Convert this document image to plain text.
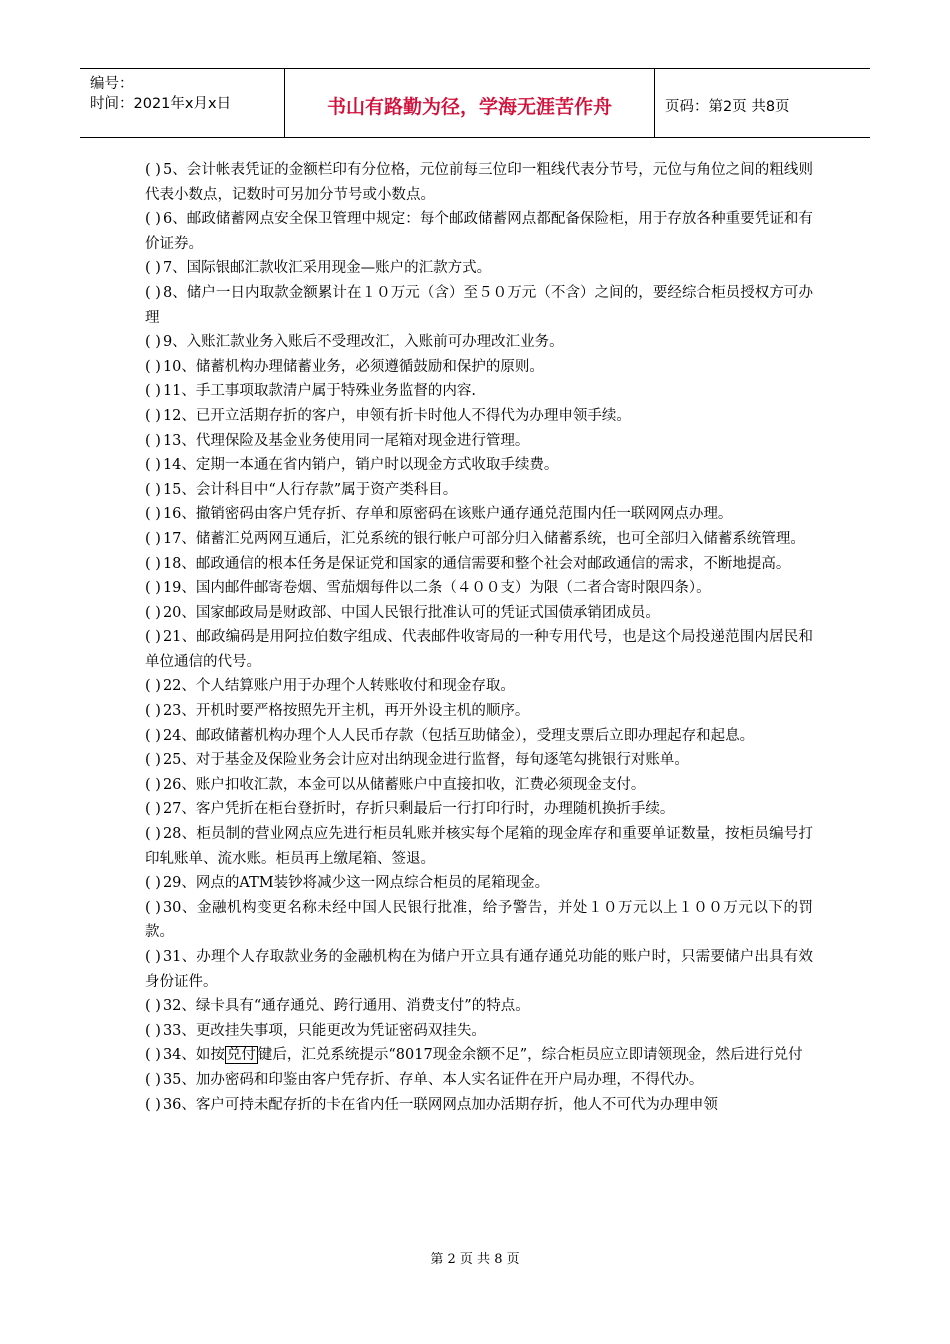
编号：
时间：2021年x月x日	书山有路勤为径，学海无涯苦作舟	页码：第2页 共8页
( ) 5、会计帐表凭证的金额栏印有分位格，元位前每三位印一粗线代表分节号，元位与角位之间的粗线则代表小数点，记数时可另加分节号或小数点。
( ) 6、邮政储蓄网点安全保卫管理中规定：每个邮政储蓄网点都配备保险柜，用于存放各种重要凭证和有价证券。
( ) 7、国际银邮汇款收汇采用现金—账户的汇款方式。
( ) 8、储户一日内取款金额累计在１０万元（含）至５０万元（不含）之间的，要经综合柜员授权方可办理
( ) 9、入账汇款业务入账后不受理改汇，入账前可办理改汇业务。
( ) 10、储蓄机构办理储蓄业务，必须遵循鼓励和保护的原则。
( ) 11、手工事项取款清户属于特殊业务监督的内容.
( ) 12、已开立活期存折的客户，申领有折卡时他人不得代为办理申领手续。
( ) 13、代理保险及基金业务使用同一尾箱对现金进行管理。
( ) 14、定期一本通在省内销户，销户时以现金方式收取手续费。
( ) 15、会计科目中“人行存款”属于资产类科目。
( ) 16、撤销密码由客户凭存折、存单和原密码在该账户通存通兑范围内任一联网网点办理。
( ) 17、储蓄汇兑两网互通后，汇兑系统的银行帐户可部分归入储蓄系统，也可全部归入储蓄系统管理。
( ) 18、邮政通信的根本任务是保证党和国家的通信需要和整个社会对邮政通信的需求，不断地提高。
( ) 19、国内邮件邮寄卷烟、雪茄烟每件以二条（４００支）为限（二者合寄时限四条）。
( ) 20、国家邮政局是财政部、中国人民银行批准认可的凭证式国债承销团成员。
( ) 21、邮政编码是用阿拉伯数字组成、代表邮件收寄局的一种专用代号，也是这个局投递范围内居民和单位通信的代号。
( ) 22、个人结算账户用于办理个人转账收付和现金存取。
( ) 23、开机时要严格按照先开主机，再开外设主机的顺序。
( ) 24、邮政储蓄机构办理个人人民币存款（包括互助储金），受理支票后立即办理起存和起息。
( ) 25、对于基金及保险业务会计应对出纳现金进行监督，每旬逐笔勾挑银行对账单。
( ) 26、账户扣收汇款，本金可以从储蓄账户中直接扣收，汇费必须现金支付。
( ) 27、客户凭折在柜台登折时，存折只剩最后一行打印行时，办理随机换折手续。
( ) 28、柜员制的营业网点应先进行柜员轧账并核实每个尾箱的现金库存和重要单证数量，按柜员编号打印轧账单、流水账。柜员再上缴尾箱、签退。
( ) 29、网点的ATM装钞将减少这一网点综合柜员的尾箱现金。
( ) 30、金融机构变更名称未经中国人民银行批准，给予警告，并处１０万元以上１００万元以下的罚款。
( ) 31、办理个人存取款业务的金融机构在为储户开立具有通存通兑功能的账户时，只需要储户出具有效身份证件。
( ) 32、绿卡具有“通存通兑、跨行通用、消费支付”的特点。
( ) 33、更改挂失事项，只能更改为凭证密码双挂失。
( ) 34、如按 兑付 键后，汇兑系统提示“8017现金余额不足”，综合柜员应立即请领现金，然后进行兑付
( ) 35、加办密码和印鉴由客户凭存折、存单、本人实名证件在开户局办理，不得代办。
( ) 36、客户可持未配存折的卡在省内任一联网网点加办活期存折，他人不可代为办理申领
第 2 页 共 8 页
